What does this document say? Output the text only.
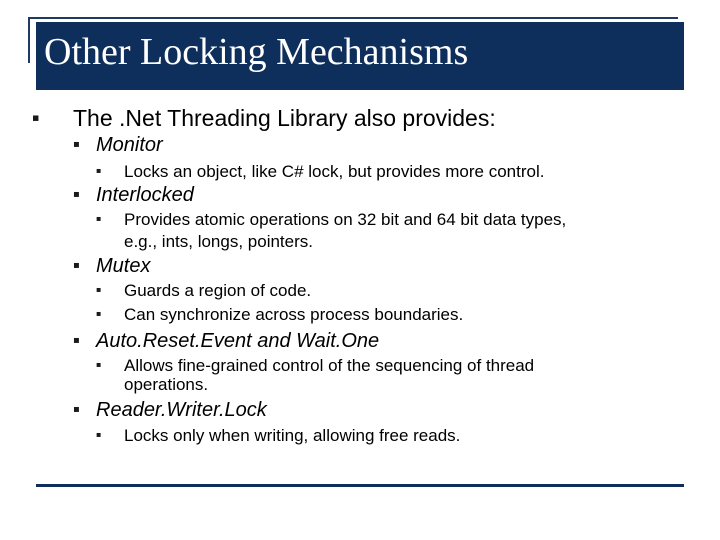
Other Locking Mechanisms
▪ The .Net Threading Library also provides:
▪ Monitor
▪ Locks an object, like C# lock, but provides more control.
▪ Interlocked
▪ Provides atomic operations on 32 bit and 64 bit data types,
e.g., ints, longs, pointers.
▪ Mutex
▪ Guards a region of code.
▪ Can synchronize across process boundaries.
▪ Auto.Reset.Event and Wait.One
▪ Allows fine-grained control of the sequencing of thread
operations.
▪ Reader.Writer.Lock
▪ Locks only when writing, allowing free reads.
